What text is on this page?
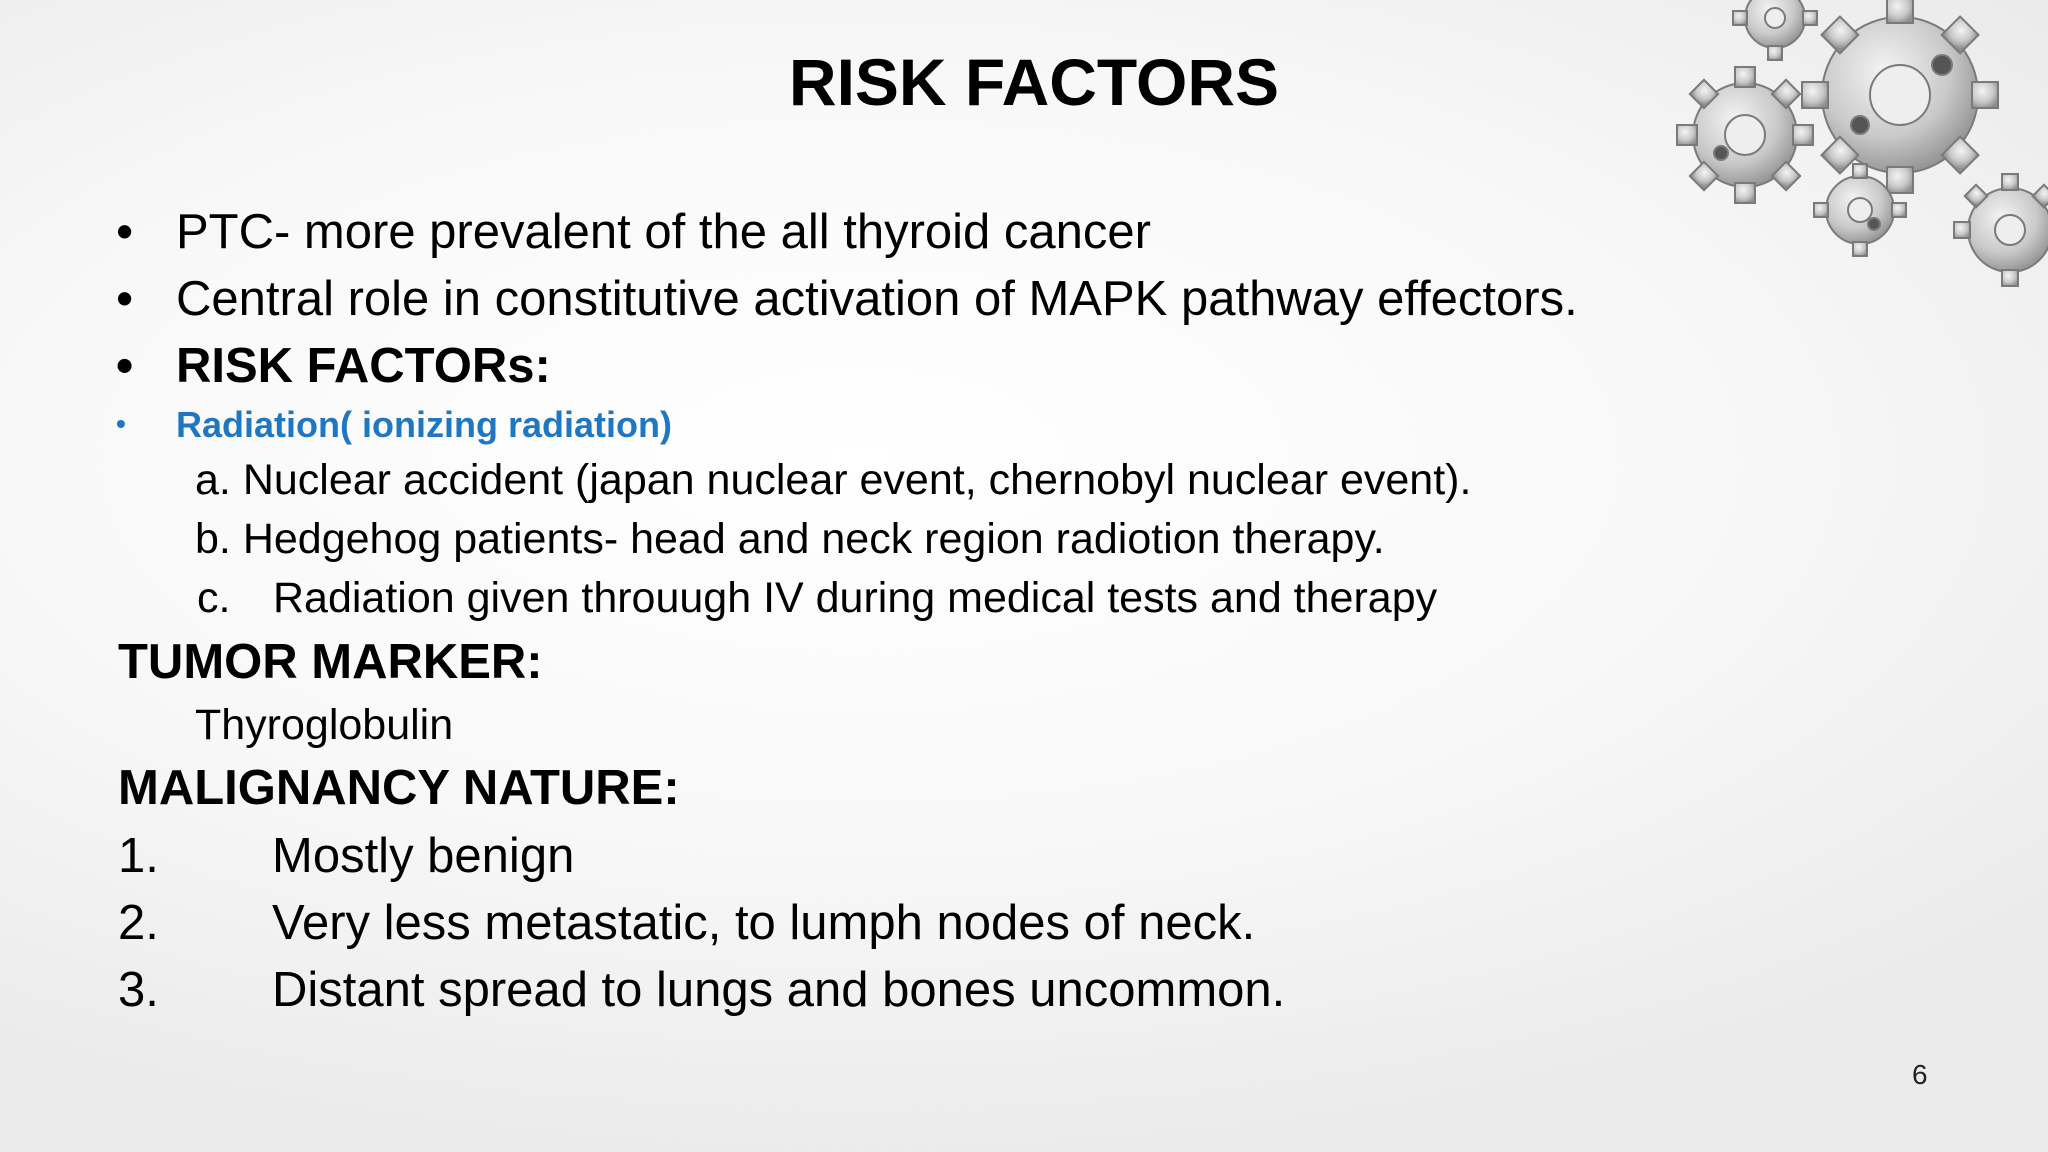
RISK FACTORS
• PTC- more prevalent of the all thyroid cancer
• Central role in constitutive activation of MAPK pathway effectors.
• RISK FACTORs:
• Radiation( ionizing radiation)
a. Nuclear accident (japan nuclear event, chernobyl nuclear event).
b. Hedgehog patients- head and neck region radiotion therapy.
c. Radiation given throuugh IV during medical tests and therapy
TUMOR MARKER:
Thyroglobulin
MALIGNANCY NATURE:
1. Mostly benign
2. Very less metastatic, to lumph nodes of neck.
3. Distant spread to lungs and bones uncommon.
6
